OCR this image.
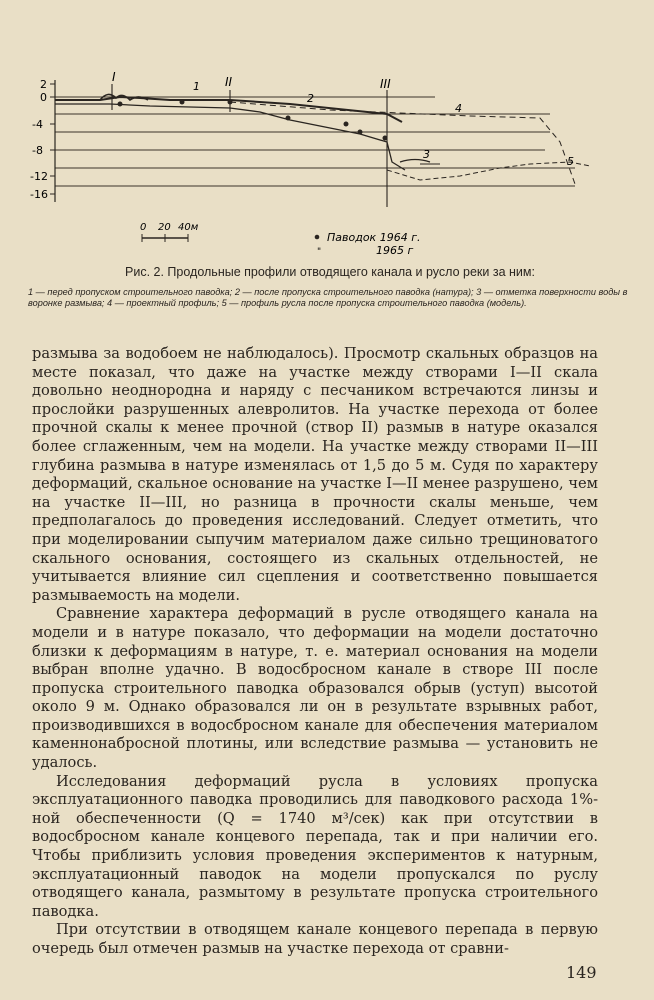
2
0
-4
-8
-12
-16
I	II	III
1
2
3
4
5
0 20 40м
Паводок 1964 г.
"	1965 г
Рис. 2. Продольные профили отводящего канала и русло реки за ним:
1 — перед пропуском строительного паводка; 2 — после пропуска строительного паводка (натура); 3 — отметка поверхности воды в воронке размыва; 4 — проектный профиль; 5 — профиль русла после пропуска строительного паводка (модель).

размыва за водобоем не наблюдалось). Просмотр скальных образцов на месте показал, что даже на участке между створами I—II скала довольно неоднородна и наряду с песчаником встречаются линзы и прослойки разрушенных алевролитов. На участке перехода от более прочной скалы к менее прочной (створ II) размыв в натуре оказался более сглаженным, чем на модели. На участке между створами II—III глубина размыва в натуре изменялась от 1,5 до 5 м. Судя по характеру деформаций, скальное основание на участке I—II менее разрушено, чем на участке II—III, но разница в прочности скалы меньше, чем предполагалось до проведения исследований. Следует отметить, что при моделировании сыпучим материалом даже сильно трещиноватого скального основания, состоящего из скальных отдельностей, не учитывается влияние сил сцепления и соответственно повышается размываемость на модели.

Сравнение характера деформаций в русле отводящего канала на модели и в натуре показало, что деформации на модели достаточно близки к деформациям в натуре, т. е. материал основания на модели выбран вполне удачно. В водосбросном канале в створе III после пропуска строительного паводка образовался обрыв (уступ) высотой около 9 м. Однако образовался ли он в результате взрывных работ, производившихся в водосбросном канале для обеспечения материалом каменнонабросной плотины, или вследствие размыва — установить не удалось.

Исследования деформаций русла в условиях пропуска эксплуатационного паводка проводились для паводкового расхода 1%-ной обеспеченности (Q = 1740 м³/сек) как при отсутствии в водосбросном канале концевого перепада, так и при наличии его. Чтобы приблизить условия проведения экспериментов к натурным, эксплуатационный паводок на модели пропускался по руслу отводящего канала, размытому в результате пропуска строительного паводка.

При отсутствии в отводящем канале концевого перепада в первую очередь был отмечен размыв на участке перехода от сравни-

149
